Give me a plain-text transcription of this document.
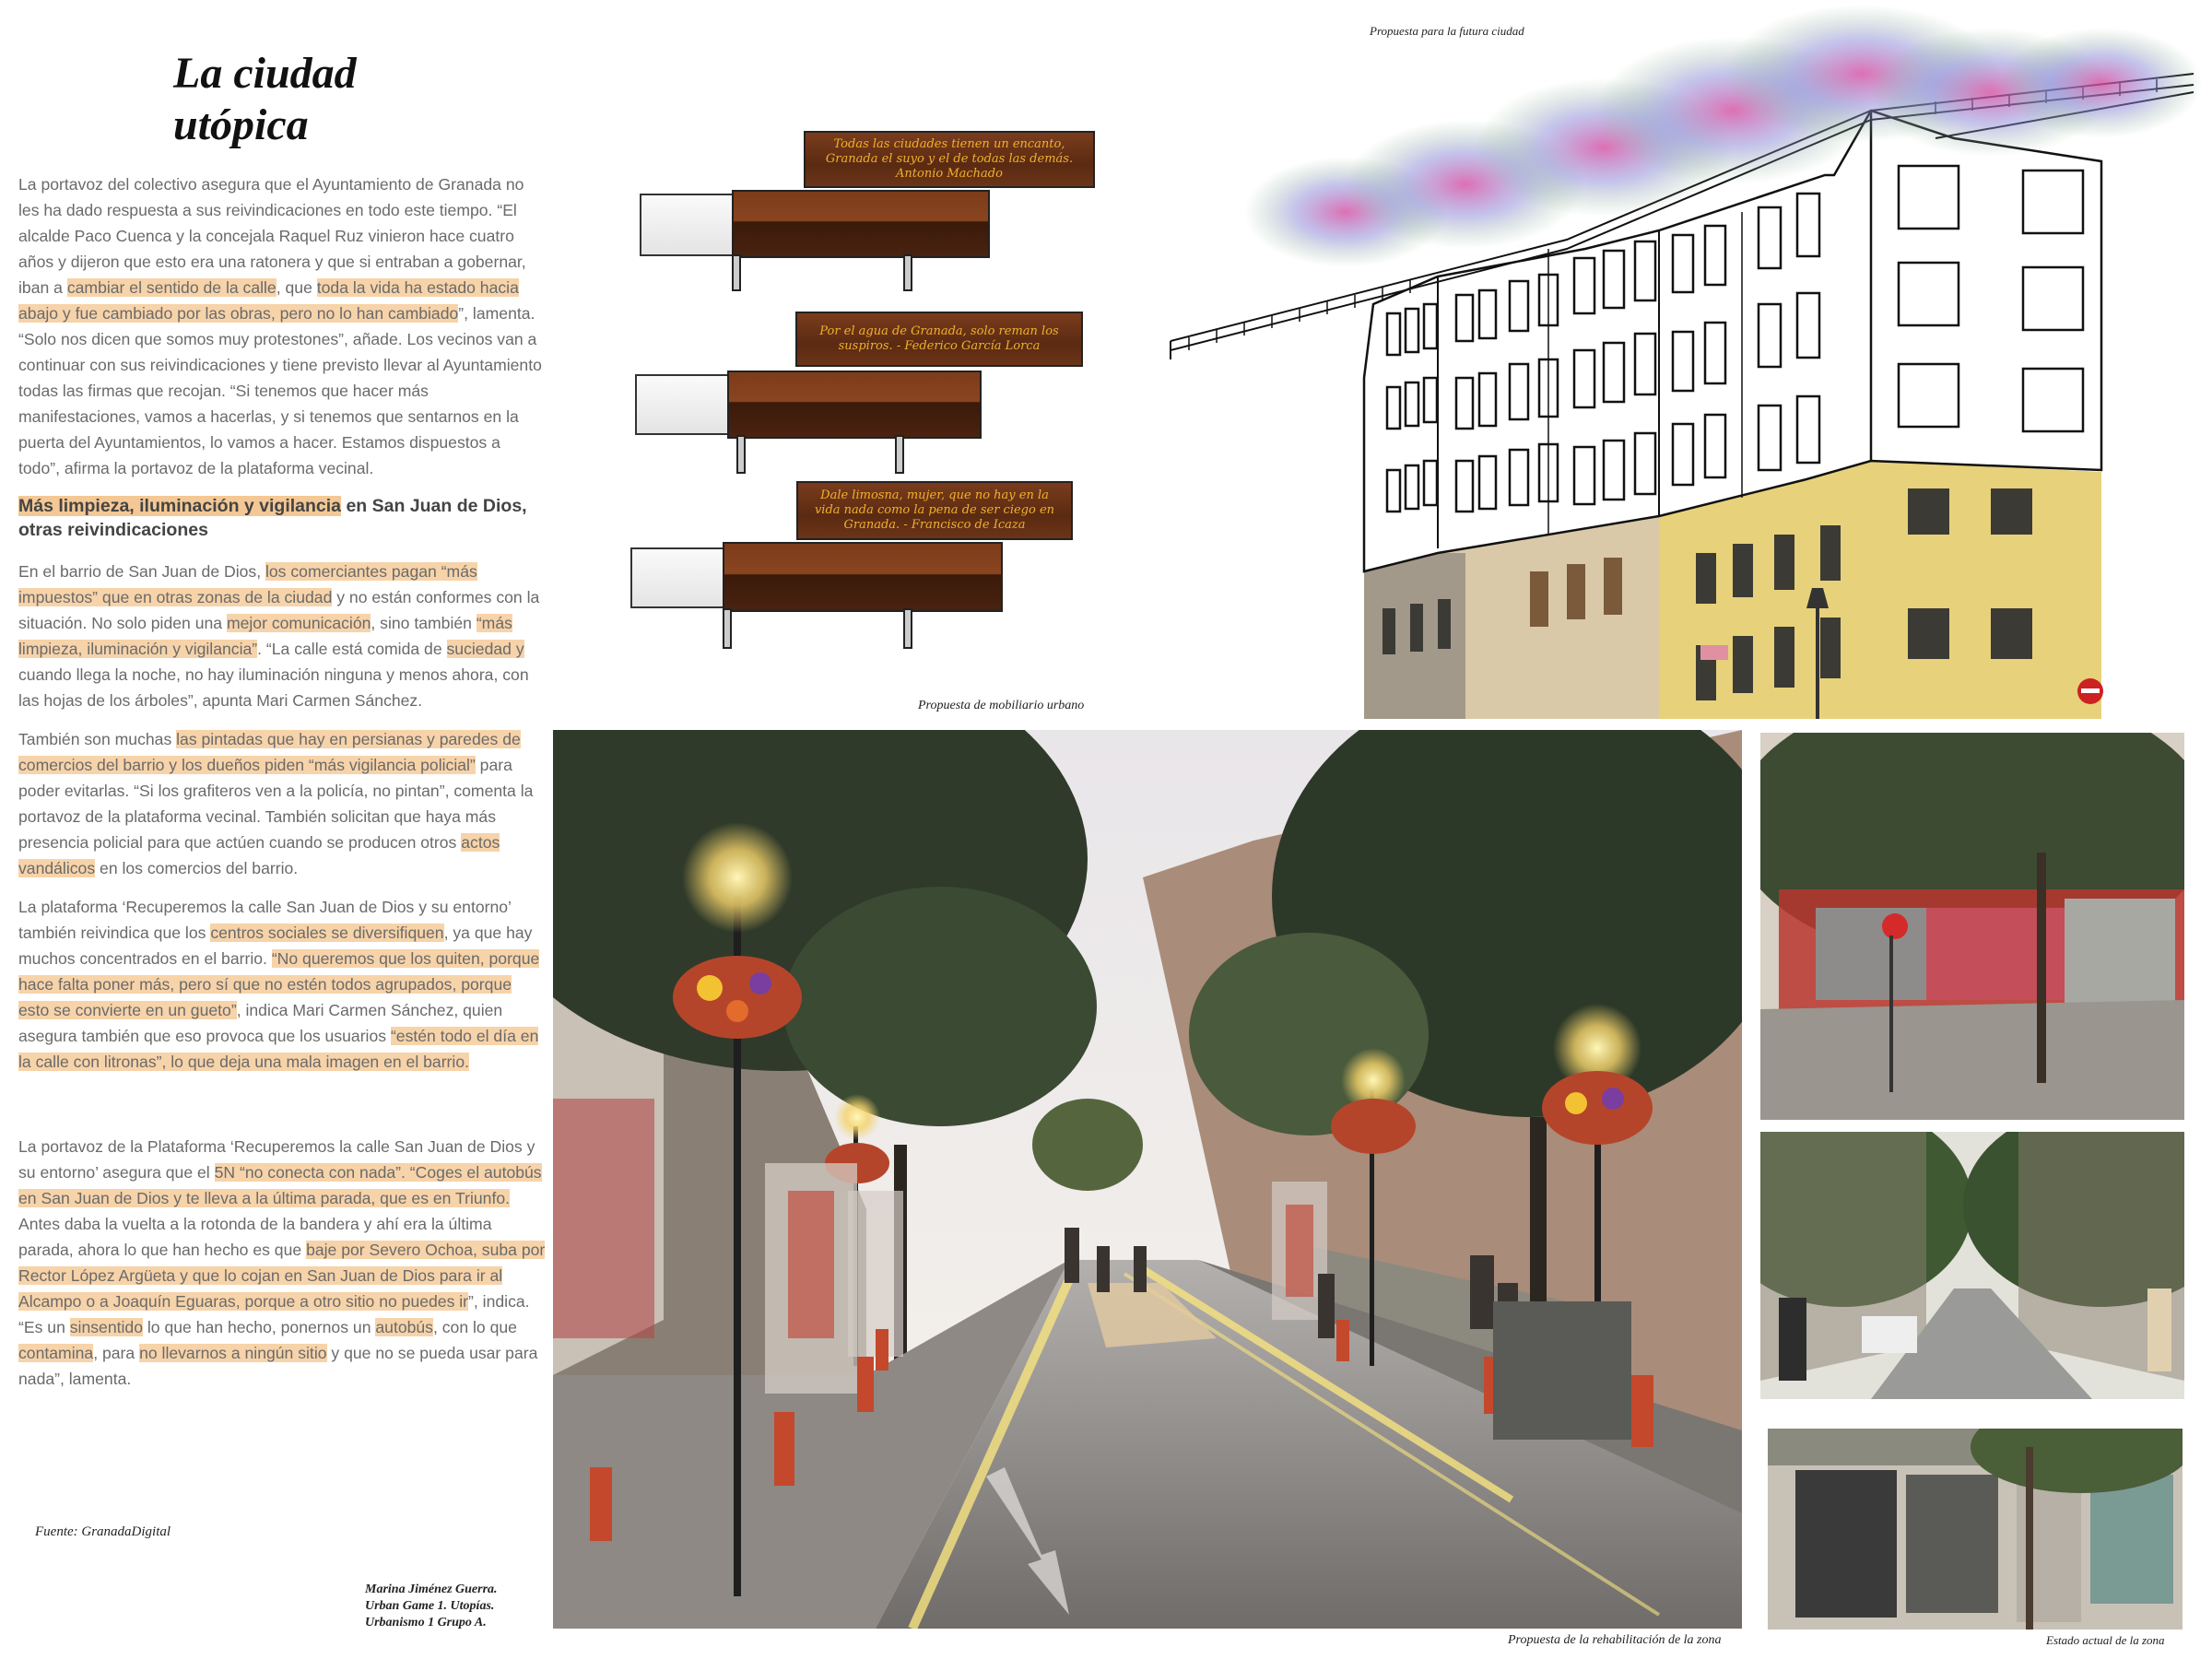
La ciudad utópica

La portavoz del colectivo asegura que el Ayuntamiento de Granada no les ha dado respuesta a sus reivindicaciones en todo este tiempo. “El alcalde Paco Cuenca y la concejala Raquel Ruz vinieron hace cuatro años y dijeron que esto era una ratonera y que si entraban a gobernar, iban a cambiar el sentido de la calle, que toda la vida ha estado hacia abajo y fue cambiado por las obras, pero no lo han cambiado”, lamenta. “Solo nos dicen que somos muy protestones”, añade. Los vecinos van a continuar con sus reivindicaciones y tiene previsto llevar al Ayuntamiento todas las firmas que recojan. “Si tenemos que hacer más manifestaciones, vamos a hacerlas, y si tenemos que sentarnos en la puerta del Ayuntamientos, lo vamos a hacer. Estamos dispuestos a todo”, afirma la portavoz de la plataforma vecinal.

Más limpieza, iluminación y vigilancia en San Juan de Dios, otras reivindicaciones

En el barrio de San Juan de Dios, los comerciantes pagan “más impuestos” que en otras zonas de la ciudad y no están conformes con la situación. No solo piden una mejor comunicación, sino también “más limpieza, iluminación y vigilancia”. “La calle está comida de suciedad y cuando llega la noche, no hay iluminación ninguna y menos ahora, con las hojas de los árboles”, apunta Mari Carmen Sánchez.

También son muchas las pintadas que hay en persianas y paredes de comercios del barrio y los dueños piden “más vigilancia policial” para poder evitarlas. “Si los grafiteros ven a la policía, no pintan”, comenta la portavoz de la plataforma vecinal. También solicitan que haya más presencia policial para que actúen cuando se producen otros actos vandálicos en los comercios del barrio.

La plataforma ‘Recuperemos la calle San Juan de Dios y su entorno’ también reivindica que los centros sociales se diversifiquen, ya que hay muchos concentrados en el barrio. “No queremos que los quiten, porque hace falta poner más, pero sí que no estén todos agrupados, porque esto se convierte en un gueto”, indica Mari Carmen Sánchez, quien asegura también que eso provoca que los usuarios “estén todo el día en la calle con litronas”, lo que deja una mala imagen en el barrio.

La portavoz de la Plataforma ‘Recuperemos la calle San Juan de Dios y su entorno’ asegura que el 5N “no conecta con nada”. “Coges el autobús en San Juan de Dios y te lleva a la última parada, que es en Triunfo. Antes daba la vuelta a la rotonda de la bandera y ahí era la última parada, ahora lo que han hecho es que baje por Severo Ochoa, suba por Rector López Argüeta y que lo cojan en San Juan de Dios para ir al Alcampo o a Joaquín Eguaras, porque a otro sitio no puedes ir”, indica. “Es un sinsentido lo que han hecho, ponernos un autobús, con lo que contamina, para no llevarnos a ningún sitio y que no se pueda usar para nada”, lamenta.

Fuente: GranadaDigital
Marina Jiménez Guerra.
Urban Game 1. Utopías.
Urbanismo 1 Grupo A.
Todas las ciudades tienen un encanto, Granada el suyo y el de todas las demás. Antonio Machado
Por el agua de Granada, solo reman los suspiros. - Federico García Lorca
Dale limosna, mujer, que no hay en la vida nada como la pena de ser ciego en Granada. - Francisco de Icaza
Propuesta de mobiliario urbano
Propuesta para la futura ciudad
Propuesta de la rehabilitación de la zona	Estado actual de la zona
